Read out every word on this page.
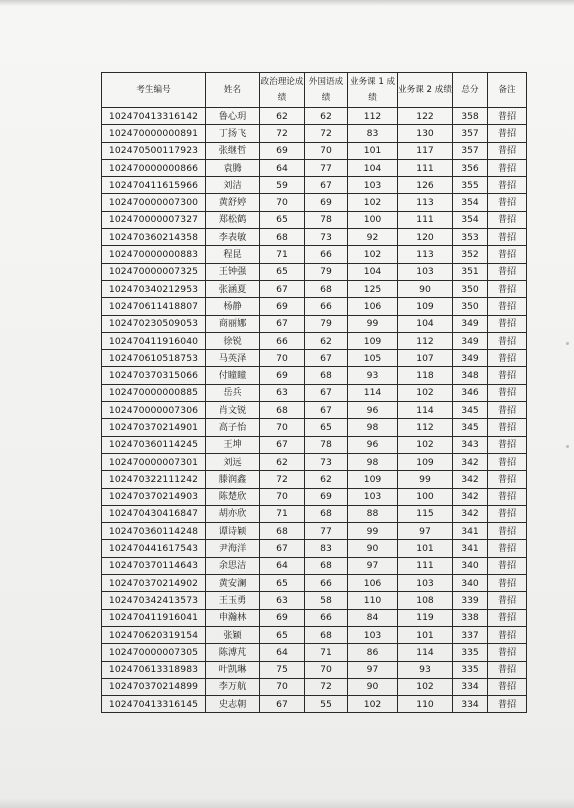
考生编号	姓名	政治理论成绩	外国语成绩	业务课 1 成绩	业务课 2 成绩	总分	备注
102470413316142	鲁心玥	62	62	112	122	358	普招
102470000000891	丁扬飞	72	72	83	130	357	普招
102470500117923	张继哲	69	70	101	117	357	普招
102470000000866	袁腾	64	77	104	111	356	普招
102470411615966	刘洁	59	67	103	126	355	普招
102470000007300	黄舒婷	70	69	102	113	354	普招
102470000007327	郑松鹤	65	78	100	111	354	普招
102470360214358	李表敏	68	73	92	120	353	普招
102470000000883	程昆	71	66	102	113	352	普招
102470000007325	王钟强	65	79	104	103	351	普招
102470340212953	张涵夏	67	68	125	90	350	普招
102470611418807	杨静	69	66	106	109	350	普招
102470230509053	商丽娜	67	79	99	104	349	普招
102470411916040	徐锐	66	62	109	112	349	普招
102470610518753	马英泽	70	67	105	107	349	普招
102470370315066	付瞳瞳	69	68	93	118	348	普招
102470000000885	岳兵	63	67	114	102	346	普招
102470000007306	肖文锐	68	67	96	114	345	普招
102470370214901	高子怡	70	65	98	112	345	普招
102470360114245	王坤	67	78	96	102	343	普招
102470000007301	刘远	62	73	98	109	342	普招
102470322111242	滕润鑫	72	62	109	99	342	普招
102470370214903	陈楚欣	70	69	103	100	342	普招
102470430416847	胡亦欣	71	68	88	115	342	普招
102470360114248	谭诗颖	68	77	99	97	341	普招
102470441617543	尹海洋	67	83	90	101	341	普招
102470370114643	余思洁	64	68	97	111	340	普招
102470370214902	黄安澜	65	66	106	103	340	普招
102470342413573	王玉勇	63	58	110	108	339	普招
102470411916041	申瀚林	69	66	84	119	338	普招
102470620319154	张颖	65	68	103	101	337	普招
102470000007305	陈溥芃	64	71	86	114	335	普招
102470613318983	叶凯琳	75	70	97	93	335	普招
102470370214899	李万航	70	72	90	102	334	普招
102470413316145	史志朝	67	55	102	110	334	普招
